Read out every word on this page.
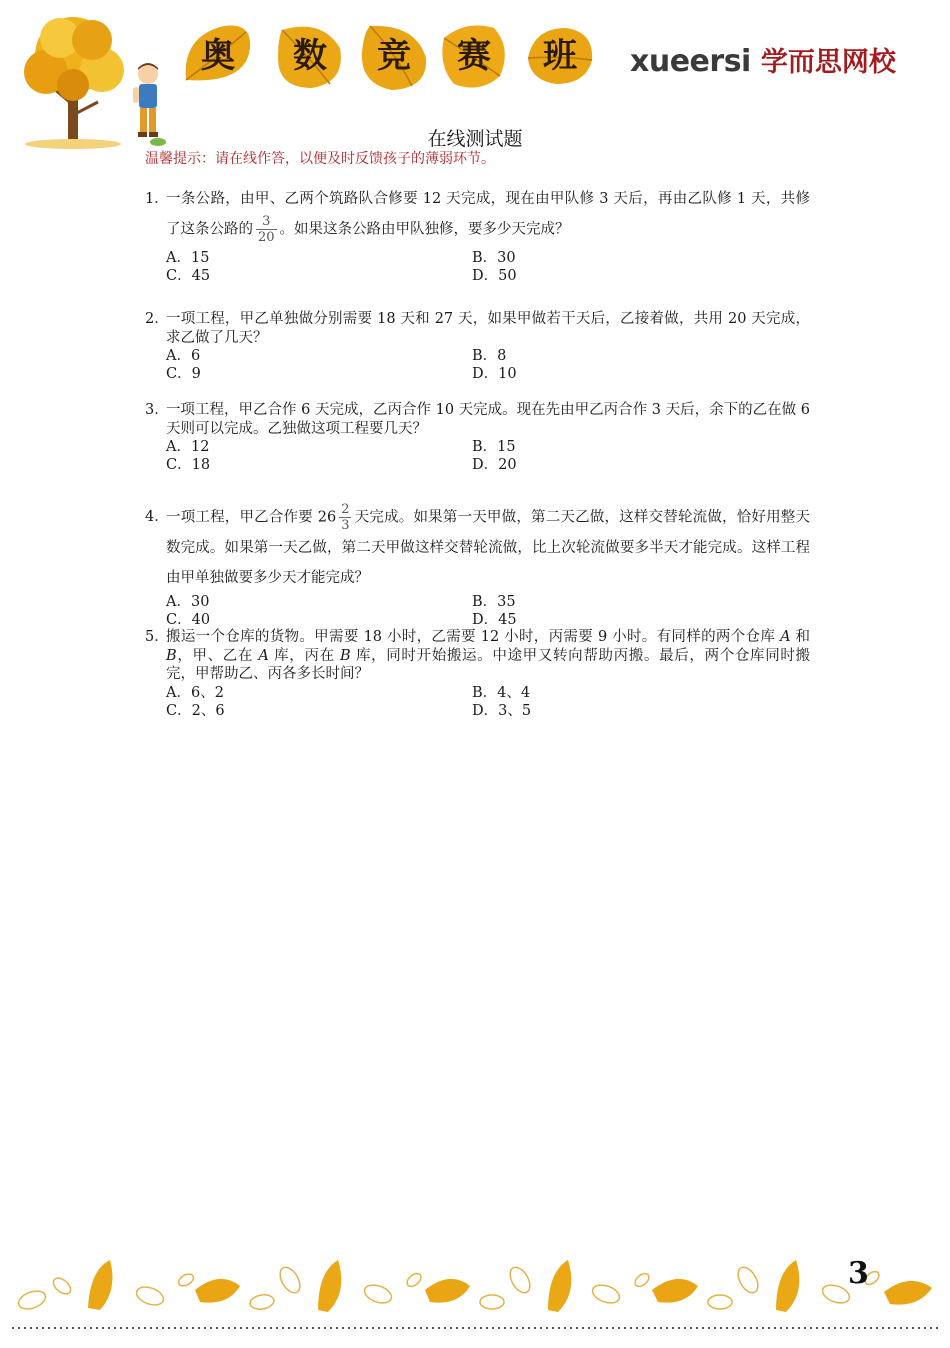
奥	数	竞	赛	班	xueersi 学而思网校
在线测试题
温馨提示：请在线作答，以便及时反馈孩子的薄弱环节。
1．
一条公路，由甲、乙两个筑路队合修要 12 天完成，现在由甲队修 3 天后，再由乙队修 1 天，共修了这条公路的 $\frac{3}{20}$ 。如果这条公路由甲队独修，要多少天完成？
A．15	B．30
C．45	D．50
2．
一项工程，甲乙单独做分别需要 18 天和 27 天，如果甲做若干天后，乙接着做，共用 20 天完成，求乙做了几天？
A．6	B．8
C．9	D．10
3．
一项工程，甲乙合作 6 天完成，乙丙合作 10 天完成。现在先由甲乙丙合作 3 天后，余下的乙在做 6 天则可以完成。乙独做这项工程要几天？
A．12	B．15
C．18	D．20
4．
一项工程，甲乙合作要 $26 \frac{2}{3}$ 天完成。如果第一天甲做，第二天乙做，这样交替轮流做，恰好用整天数完成。如果第一天乙做，第二天甲做这样交替轮流做，比上次轮流做要多半天才能完成。这样工程由甲单独做要多少天才能完成？
A．30	B．35
C．40	D．45
5．
搬运一个仓库的货物。甲需要 18 小时，乙需要 12 小时，丙需要 9 小时。有同样的两个仓库 A 和 B，甲、乙在 A 库，丙在 B 库，同时开始搬运。中途甲又转向帮助丙搬。最后，两个仓库同时搬完，甲帮助乙、丙各多长时间？
A．6、2	B．4、4
C．2、6	D．3、5
3
